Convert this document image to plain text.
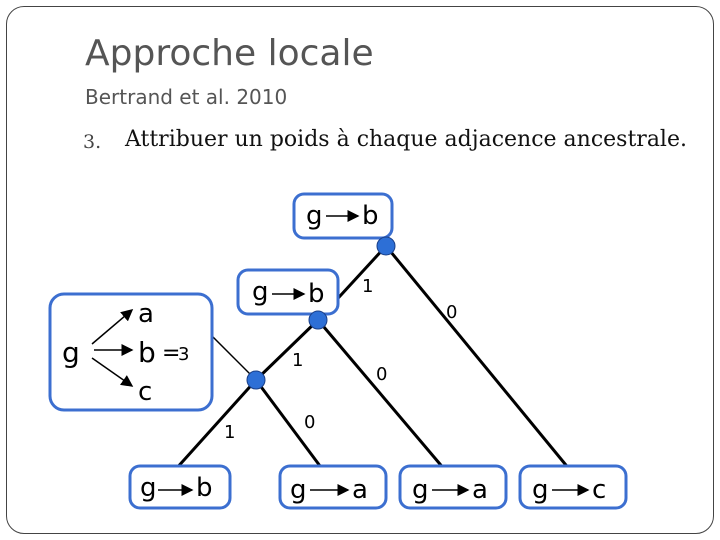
Approche locale
Bertrand et al. 2010
3. Attribuer un poids à chaque adjacence ancestrale.
g b
g b
g b	g a g a g c
1
0
1
0
1	0
g
a
b =
3
c
